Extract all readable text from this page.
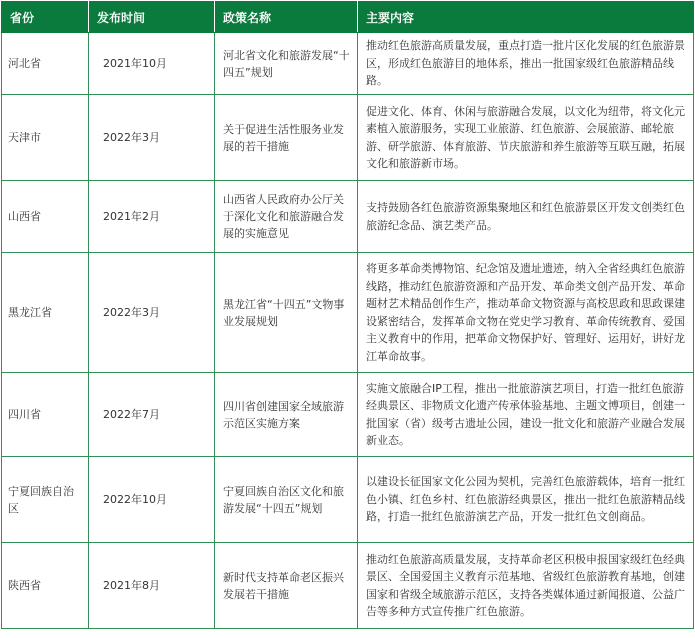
省份	发布时间	政策名称	主要内容
河北省	2021年10月	河北省文化和旅游发展“十四五”规划	推动红色旅游高质量发展，重点打造一批片区化发展的红色旅游景区，形成红色旅游目的地体系，推出一批国家级红色旅游精品线路。
天津市	2022年3月	关于促进生活性服务业发展的若干措施	促进文化、体育、休闲与旅游融合发展，以文化为纽带，将文化元素植入旅游服务，实现工业旅游、红色旅游、会展旅游、邮轮旅游、研学旅游、体育旅游、节庆旅游和养生旅游等互联互融，拓展文化和旅游新市场。
山西省	2021年2月	山西省人民政府办公厅关于深化文化和旅游融合发展的实施意见	支持鼓励各红色旅游资源集聚地区和红色旅游景区开发文创类红色旅游纪念品、演艺类产品。
黑龙江省	2022年3月	黑龙江省“十四五”文物事业发展规划	将更多革命类博物馆、纪念馆及遗址遗迹，纳入全省经典红色旅游线路，推动红色旅游资源和产品开发、革命类文创产品开发、革命题材艺术精品创作生产，推动革命文物资源与高校思政和思政课建设紧密结合，发挥革命文物在党史学习教育、革命传统教育、爱国主义教育中的作用，把革命文物保护好、管理好、运用好，讲好龙江革命故事。
四川省	2022年7月	四川省创建国家全域旅游示范区实施方案	实施文旅融合IP工程，推出一批旅游演艺项目，打造一批红色旅游经典景区、非物质文化遗产传承体验基地、主题文博项目，创建一批国家（省）级考古遗址公园，建设一批文化和旅游产业融合发展新业态。
宁夏回族自治区	2022年10月	宁夏回族自治区文化和旅游发展“十四五”规划	以建设长征国家文化公园为契机，完善红色旅游载体，培育一批红色小镇、红色乡村、红色旅游经典景区，推出一批红色旅游精品线路，打造一批红色旅游演艺产品，开发一批红色文创商品。
陕西省	2021年8月	新时代支持革命老区振兴发展若干措施	推动红色旅游高质量发展，支持革命老区积极申报国家级红色经典景区、全国爱国主义教育示范基地、省级红色旅游教育基地，创建国家和省级全域旅游示范区，支持各类媒体通过新闻报道、公益广告等多种方式宣传推广红色旅游。
